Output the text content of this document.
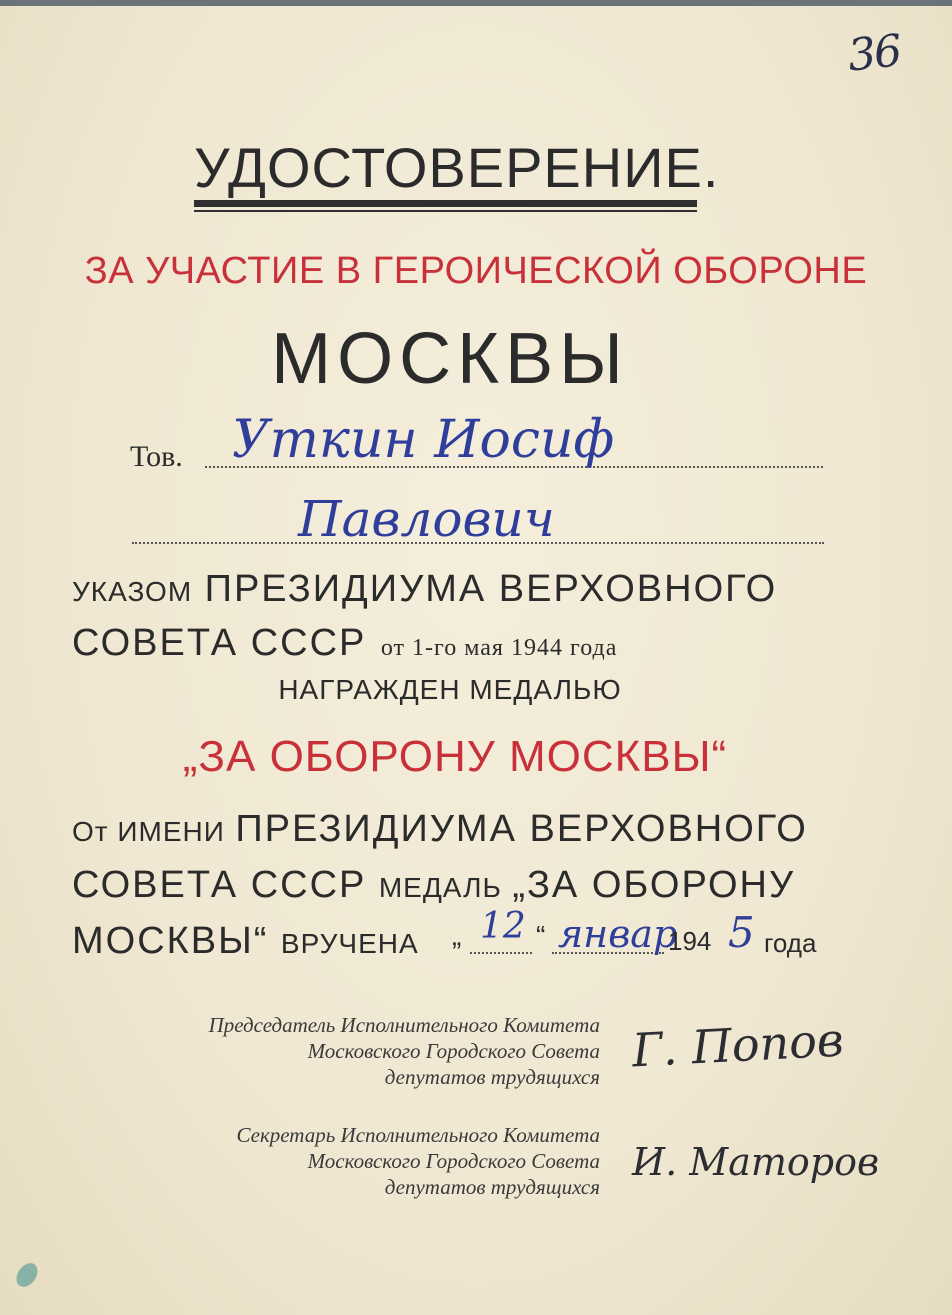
36
УДОСТОВЕРЕНИЕ.
ЗА УЧАСТИЕ В ГЕРОИЧЕСКОЙ ОБОРОНЕ
МОСКВЫ
Тов. Уткин Иосиф
Павлович
УКАЗОМ ПРЕЗИДИУМА ВЕРХОВНОГО
СОВЕТА СССР от 1-го мая 1944 года
НАГРАЖДЕН МЕДАЛЬЮ
„ЗА ОБОРОНУ МОСКВЫ“
От ИМЕНИ ПРЕЗИДИУМА ВЕРХОВНОГО
СОВЕТА СССР МЕДАЛЬ „ЗА ОБОРОНУ
МОСКВЫ“ ВРУЧЕНА	„ 12 “ январ
194 5 года
Председатель Исполнительного Комитета
Московского Городского Совета
депутатов трудящихся Г. Попов
Секретарь Исполнительного Комитета
Московского Городского Совета
депутатов трудящихся
И. Маторов
